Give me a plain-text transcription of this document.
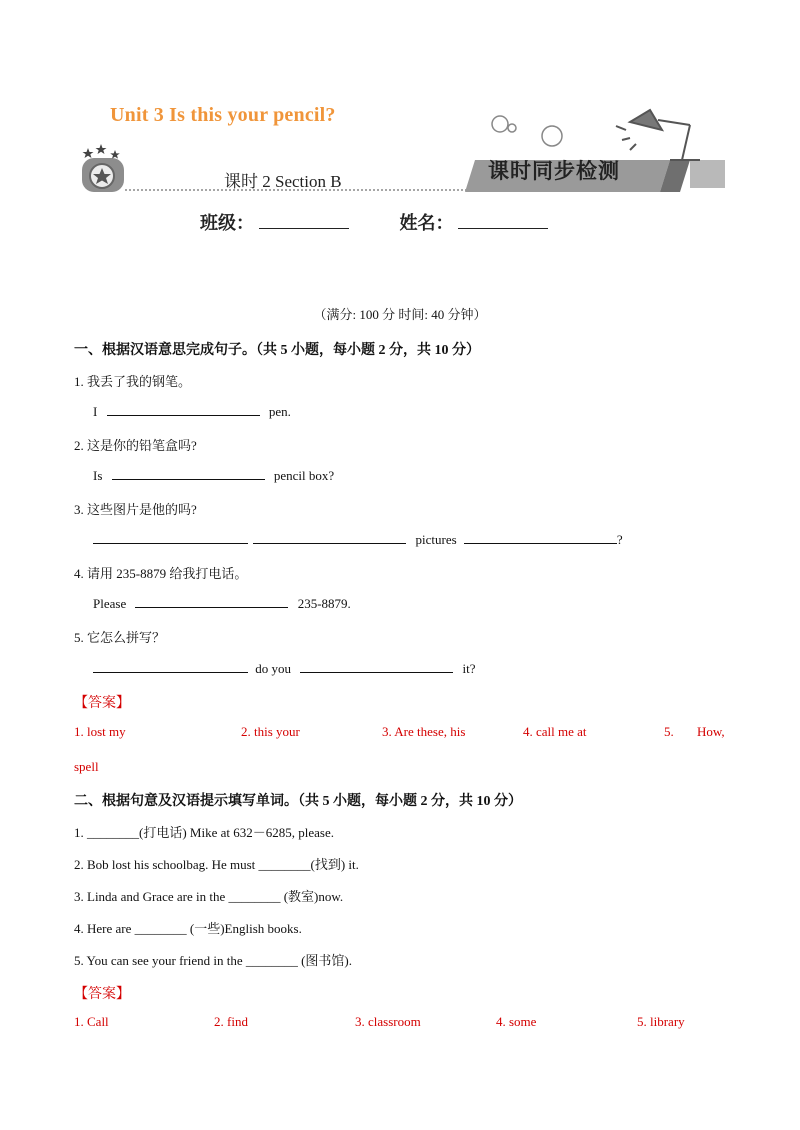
Unit 3 Is this your pencil?
课时 2 Section B	课时同步检测
班级：	姓名：
（满分: 100 分 时间: 40 分钟）
一、根据汉语意思完成句子。（共 5 小题，每小题 2 分，共 10 分）
1. 我丢了我的钢笔。
I	pen.
2. 这是你的铅笔盒吗?
Is	pencil box?
3. 这些图片是他的吗?
pictures	?
4. 请用 235-8879 给我打电话。
Please	235-8879.
5. 它怎么拼写？
do you	it?
【答案】
1. lost my	2. this your	3. Are these, his	4. call me at	5. How,
spell
二、根据句意及汉语提示填写单词。（共 5 小题，每小题 2 分，共 10 分）
1. ________(打电话) Mike at 632－6285, please.
2. Bob lost his schoolbag. He must ________(找到) it.
3. Linda and Grace are in the ________ (教室)now.
4. Here are ________ (一些)English books.
5. You can see your friend in the ________ (图书馆).
【答案】
1. Call	2. find	3. classroom	4. some	5. library
